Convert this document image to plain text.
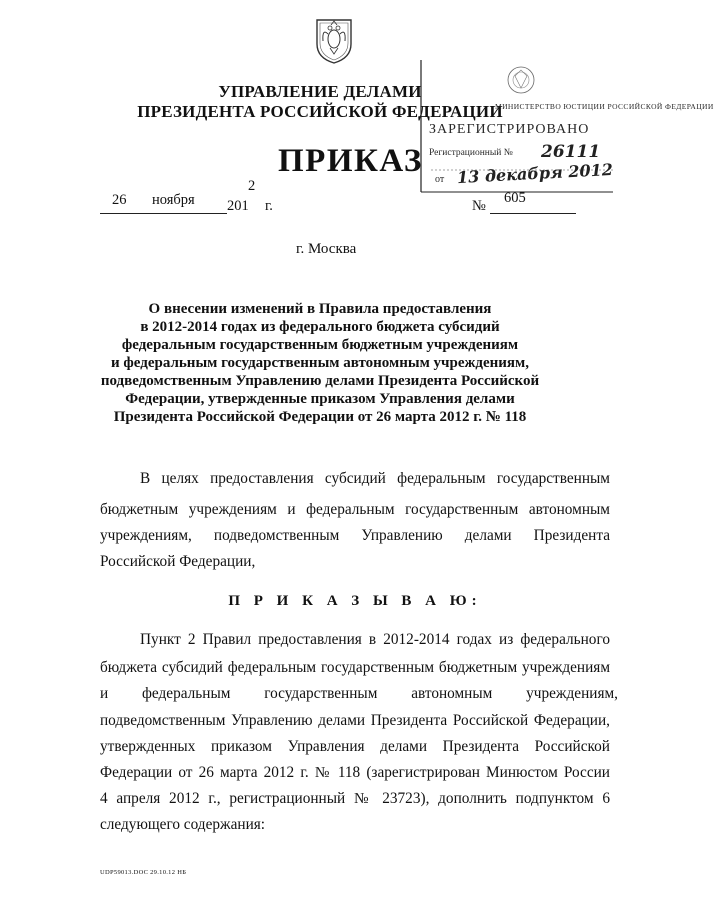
УПРАВЛЕНИЕ ДЕЛАМИ
ПРЕЗИДЕНТА РОССИЙСКОЙ ФЕДЕРАЦИИ
МИНИСТЕРСТВО ЮСТИЦИИ РОССИЙСКОЙ ФЕДЕРАЦИИ
ЗАРЕГИСТРИРОВАНО
Регистрационный № 26111
от 13 декабря 2012
ПРИКАЗ
26 ноября
2
201 г.	№ 605
г. Москва
О внесении изменений в Правила предоставления
в 2012-2014 годах из федерального бюджета субсидий
федеральным государственным бюджетным учреждениям
и федеральным государственным автономным учреждениям,
подведомственным Управлению делами Президента Российской
Федерации, утвержденные приказом Управления делами
Президента Российской Федерации от 26 марта 2012 г. № 118
В целях предоставления субсидий федеральным государственным
бюджетным учреждениям и федеральным государственным автономным
учреждениям, подведомственным Управлению делами Президента
Российской Федерации,
П Р И К А З Ы В А Ю:
Пункт 2 Правил предоставления в 2012-2014 годах из федерального
бюджета субсидий федеральным государственным бюджетным учреждениям
и федеральным государственным автономным учреждениям,
подведомственным Управлению делами Президента Российской Федерации,
утвержденных приказом Управления делами Президента Российской
Федерации от 26 марта 2012 г. № 118 (зарегистрирован Минюстом России
4 апреля 2012 г., регистрационный № 23723), дополнить подпунктом 6
следующего содержания:
UDP59013.DOC 29.10.12 НБ
